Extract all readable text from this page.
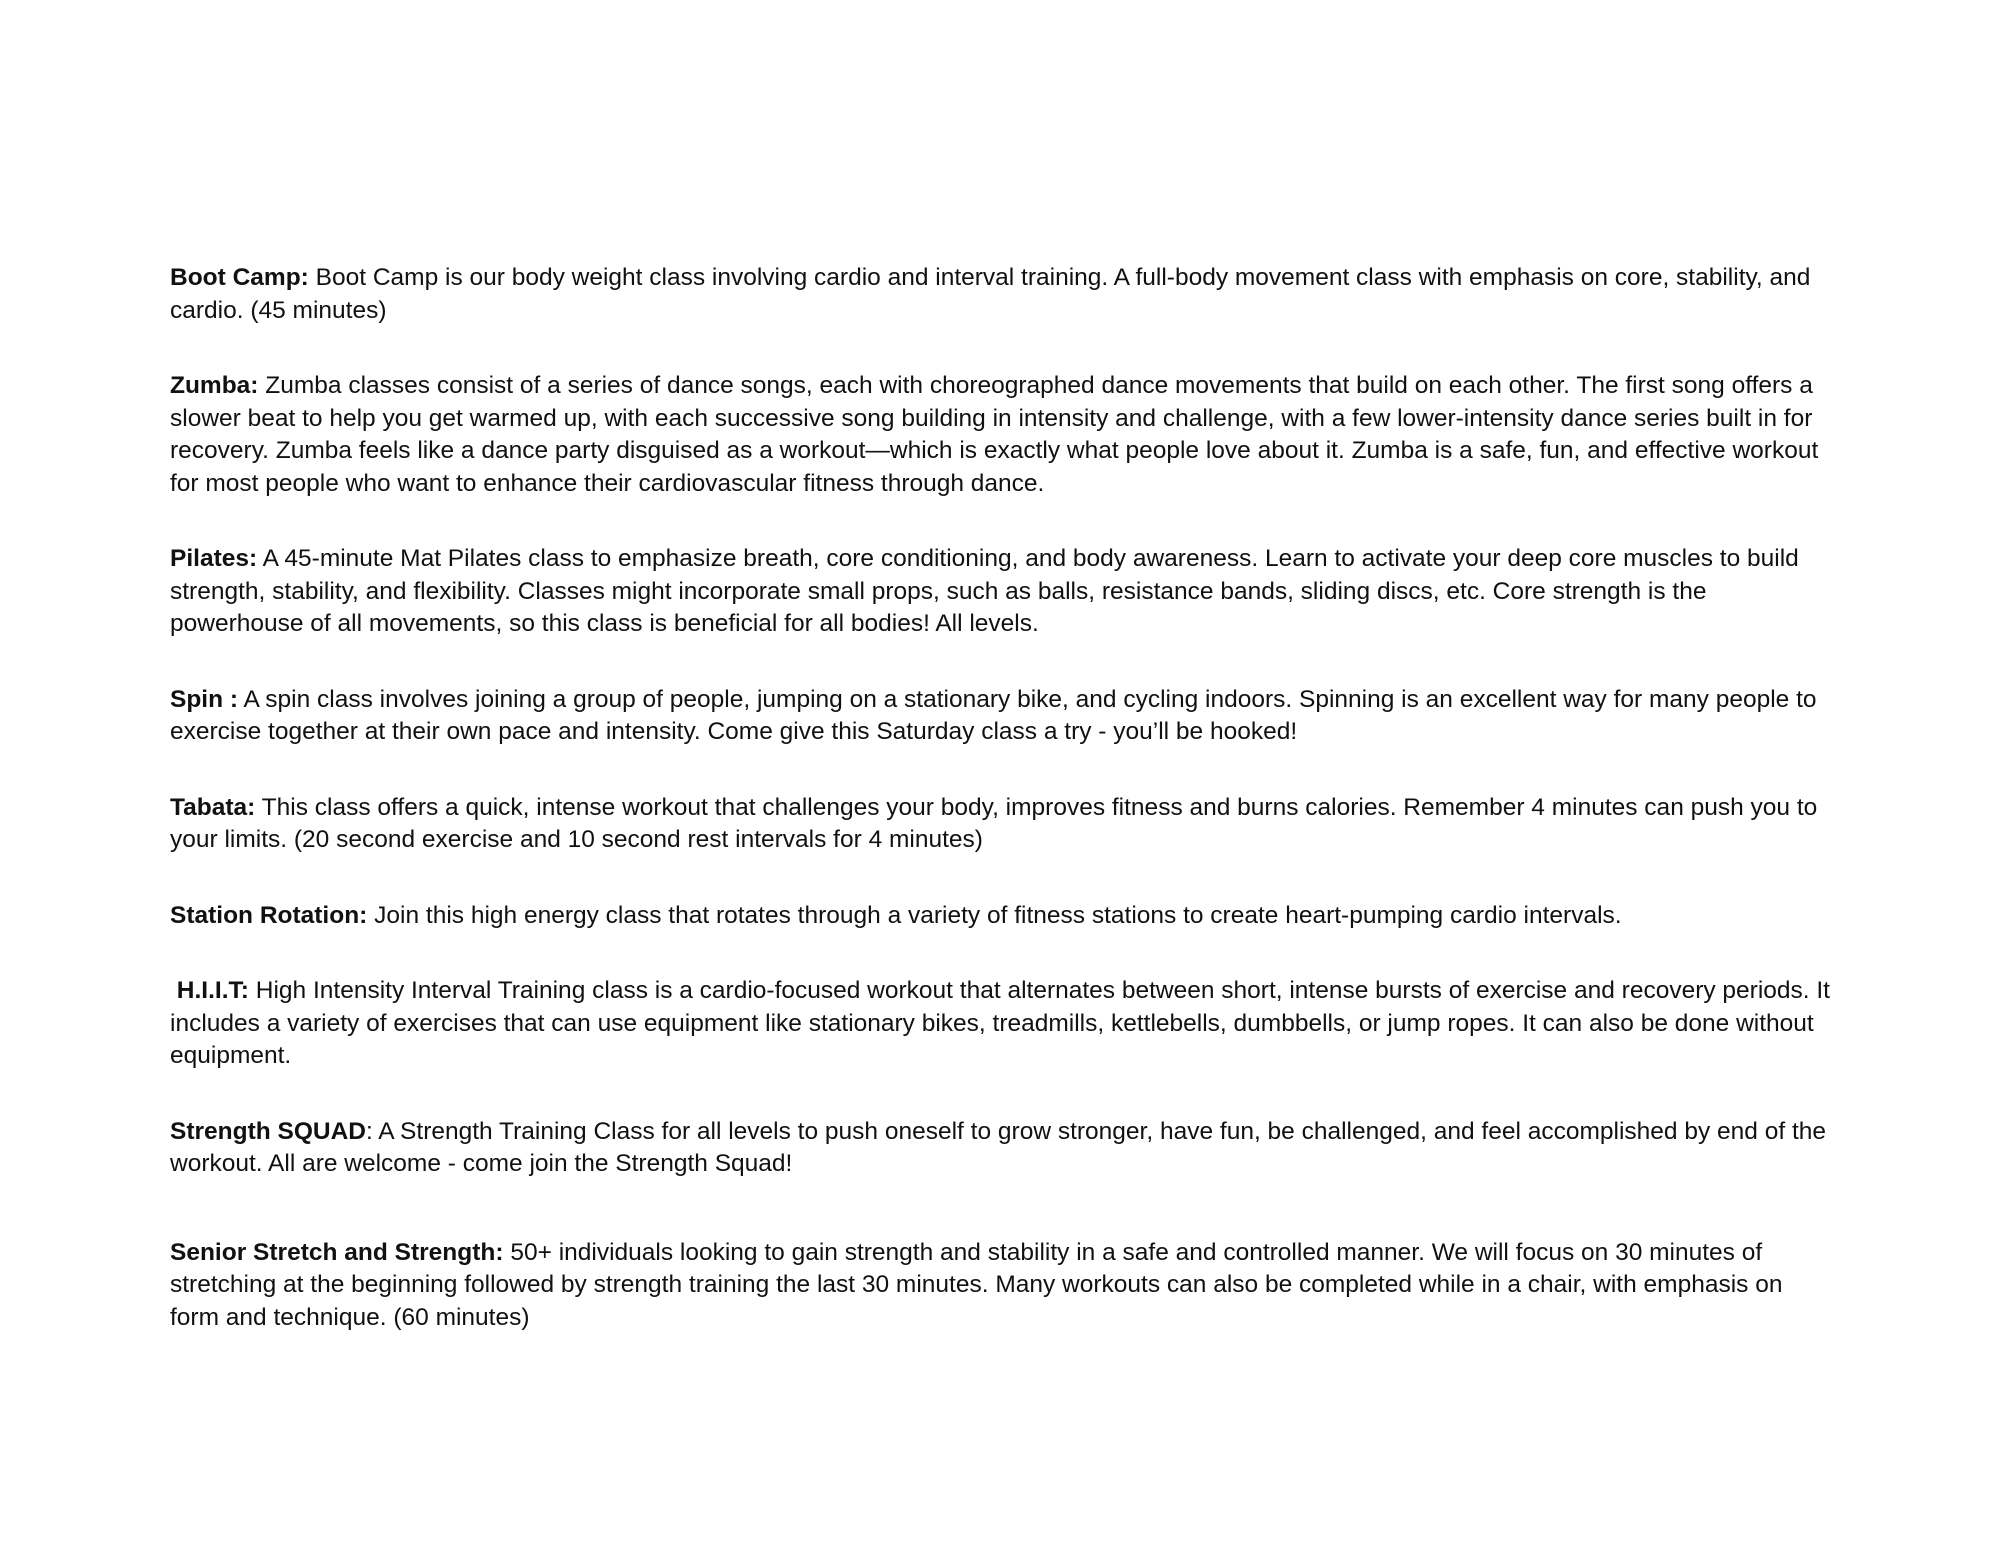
Boot Camp: Boot Camp is our body weight class involving cardio and interval training. A full-body movement class with emphasis on core, stability, and cardio. (45 minutes)

Zumba: Zumba classes consist of a series of dance songs, each with choreographed dance movements that build on each other. The first song offers a slower beat to help you get warmed up, with each successive song building in intensity and challenge, with a few lower-intensity dance series built in for recovery. Zumba feels like a dance party disguised as a workout—which is exactly what people love about it. Zumba is a safe, fun, and effective workout for most people who want to enhance their cardiovascular fitness through dance.

Pilates: A 45-minute Mat Pilates class to emphasize breath, core conditioning, and body awareness. Learn to activate your deep core muscles to build strength, stability, and flexibility. Classes might incorporate small props, such as balls, resistance bands, sliding discs, etc. Core strength is the powerhouse of all movements, so this class is beneficial for all bodies! All levels.

Spin : A spin class involves joining a group of people, jumping on a stationary bike, and cycling indoors. Spinning is an excellent way for many people to exercise together at their own pace and intensity. Come give this Saturday class a try - you’ll be hooked!

Tabata: This class offers a quick, intense workout that challenges your body, improves fitness and burns calories. Remember 4 minutes can push you to your limits. (20 second exercise and 10 second rest intervals for 4 minutes)

Station Rotation: Join this high energy class that rotates through a variety of fitness stations to create heart-pumping cardio intervals.

H.I.I.T: High Intensity Interval Training class is a cardio-focused workout that alternates between short, intense bursts of exercise and recovery periods. It includes a variety of exercises that can use equipment like stationary bikes, treadmills, kettlebells, dumbbells, or jump ropes. It can also be done without equipment.

Strength SQUAD: A Strength Training Class for all levels to push oneself to grow stronger, have fun, be challenged, and feel accomplished by end of the workout. All are welcome - come join the Strength Squad!

Senior Stretch and Strength: 50+ individuals looking to gain strength and stability in a safe and controlled manner. We will focus on 30 minutes of stretching at the beginning followed by strength training the last 30 minutes. Many workouts can also be completed while in a chair, with emphasis on form and technique. (60 minutes)
